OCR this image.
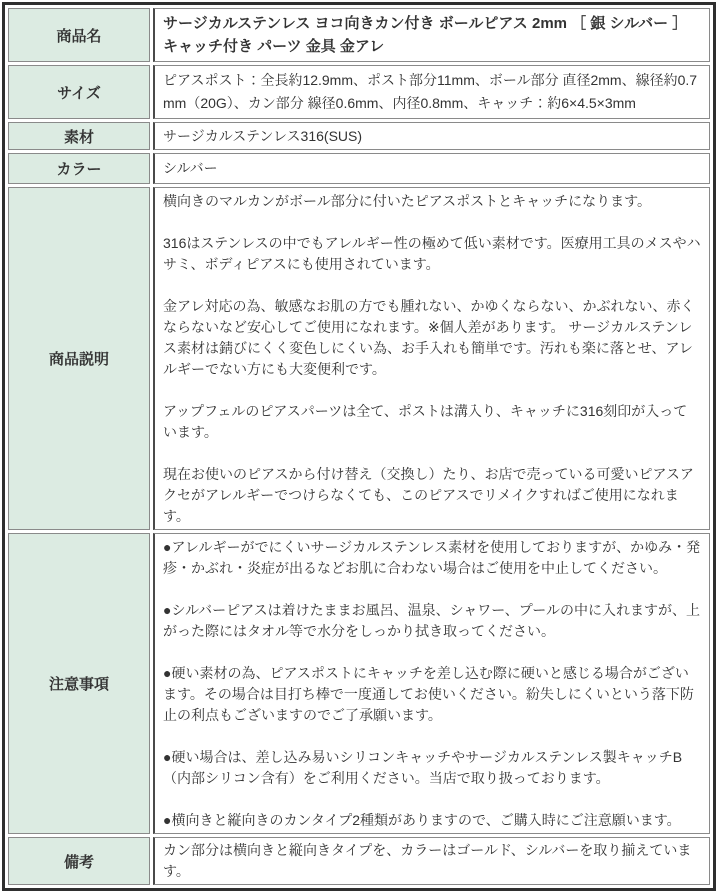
商品名	サージカルステンレス ヨコ向きカン付き ボールピアス 2mm ［ 銀 シルバー ］ キャッチ付き パーツ 金具 金アレ
サイズ	ピアスポスト：全長約12.9mm、ポスト部分11mm、ボール部分 直径2mm、線径約0.7mm（20G）、カン部分 線径0.6mm、内径0.8mm、キャッチ：約6×4.5×3mm
素材	サージカルステンレス316(SUS)
カラー	シルバー
商品説明	横向きのマルカンがボール部分に付いたピアスポストとキャッチになります。

316はステンレスの中でもアレルギー性の極めて低い素材です。医療用工具のメスやハサミ、ボディピアスにも使用されています。

金アレ対応の為、敏感なお肌の方でも腫れない、かゆくならない、かぶれない、赤くならないなど安心してご使用になれます。※個人差があります。 サージカルステンレス素材は錆びにくく変色しにくい為、お手入れも簡単です。汚れも楽に落とせ、アレルギーでない方にも大変便利です。

アップフェルのピアスパーツは全て、ポストは溝入り、キャッチに316刻印が入っています。

現在お使いのピアスから付け替え（交換し）たり、お店で売っている可愛いピアスアクセがアレルギーでつけらなくても、このピアスでリメイクすればご使用になれます。

注意事項	●アレルギーがでにくいサージカルステンレス素材を使用しておりますが、かゆみ・発疹・かぶれ・炎症が出るなどお肌に合わない場合はご使用を中止してください。

●シルバーピアスは着けたままお風呂、温泉、シャワー、プールの中に入れますが、上がった際にはタオル等で水分をしっかり拭き取ってください。

●硬い素材の為、ピアスポストにキャッチを差し込む際に硬いと感じる場合がございます。その場合は目打ち棒で一度通してお使いください。紛失しにくいという落下防止の利点もございますのでご了承願います。

●硬い場合は、差し込み易いシリコンキャッチやサージカルステンレス製キャッチB（内部シリコン含有）をご利用ください。当店で取り扱っております。

●横向きと縦向きのカンタイプ2種類がありますので、ご購入時にご注意願います。

備考	カン部分は横向きと縦向きタイプを、カラーはゴールド、シルバーを取り揃えています。
